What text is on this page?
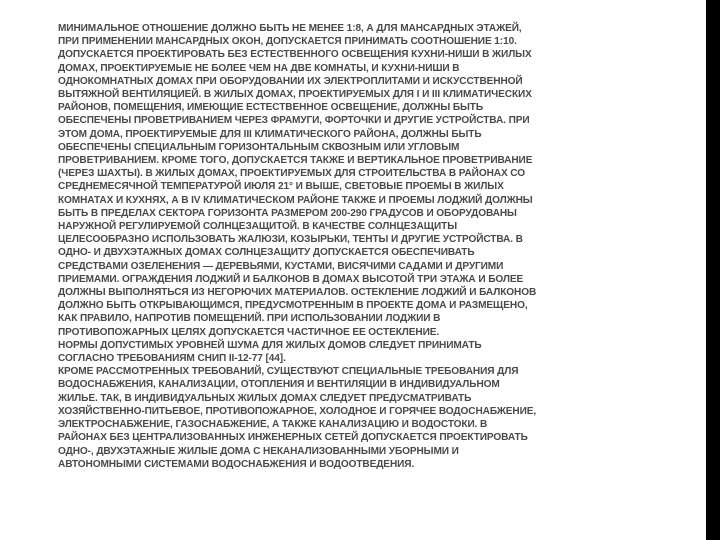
МИНИМАЛЬНОЕ ОТНОШЕНИЕ ДОЛЖНО БЫТЬ НЕ МЕНЕЕ 1:8, А ДЛЯ МАНСАРДНЫХ ЭТАЖЕЙ,
ПРИ ПРИМЕНЕНИИ МАНСАРДНЫХ ОКОН, ДОПУСКАЕТСЯ ПРИНИМАТЬ СООТНОШЕНИЕ 1:10.
ДОПУСКАЕТСЯ ПРОЕКТИРОВАТЬ БЕЗ ЕСТЕСТВЕННОГО ОСВЕЩЕНИЯ КУХНИ-НИШИ В ЖИЛЫХ
ДОМАХ, ПРОЕКТИРУЕМЫЕ НЕ БОЛЕЕ ЧЕМ НА ДВЕ КОМНАТЫ, И КУХНИ-НИШИ В
ОДНОКОМНАТНЫХ ДОМАХ ПРИ ОБОРУДОВАНИИ ИХ ЭЛЕКТРОПЛИТАМИ И ИСКУССТВЕННОЙ
ВЫТЯЖНОЙ ВЕНТИЛЯЦИЕЙ. В ЖИЛЫХ ДОМАХ, ПРОЕКТИРУЕМЫХ ДЛЯ I И III КЛИМАТИЧЕСКИХ
РАЙОНОВ, ПОМЕЩЕНИЯ, ИМЕЮЩИЕ ЕСТЕСТВЕННОЕ ОСВЕЩЕНИЕ, ДОЛЖНЫ БЫТЬ
ОБЕСПЕЧЕНЫ ПРОВЕТРИВАНИЕМ ЧЕРЕЗ ФРАМУГИ, ФОРТОЧКИ И ДРУГИЕ УСТРОЙСТВА. ПРИ
ЭТОМ ДОМА, ПРОЕКТИРУЕМЫЕ ДЛЯ III КЛИМАТИЧЕСКОГО РАЙОНА, ДОЛЖНЫ БЫТЬ
ОБЕСПЕЧЕНЫ СПЕЦИАЛЬНЫМ ГОРИЗОНТАЛЬНЫМ СКВОЗНЫМ ИЛИ УГЛОВЫМ
ПРОВЕТРИВАНИЕМ. КРОМЕ ТОГО, ДОПУСКАЕТСЯ ТАКЖЕ И ВЕРТИКАЛЬНОЕ ПРОВЕТРИВАНИЕ
(ЧЕРЕЗ ШАХТЫ). В ЖИЛЫХ ДОМАХ, ПРОЕКТИРУЕМЫХ ДЛЯ СТРОИТЕЛЬСТВА В РАЙОНАХ СО
СРЕДНЕМЕСЯЧНОЙ ТЕМПЕРАТУРОЙ ИЮЛЯ 21° И ВЫШЕ, СВЕТОВЫЕ ПРОЕМЫ В ЖИЛЫХ
КОМНАТАХ И КУХНЯХ, А В IV КЛИМАТИЧЕСКОМ РАЙОНЕ ТАКЖЕ И ПРОЕМЫ ЛОДЖИЙ ДОЛЖНЫ
БЫТЬ В ПРЕДЕЛАХ СЕКТОРА ГОРИЗОНТА РАЗМЕРОМ 200-290 ГРАДУСОВ И ОБОРУДОВАНЫ
НАРУЖНОЙ РЕГУЛИРУЕМОЙ СОЛНЦЕЗАЩИТОЙ. В КАЧЕСТВЕ СОЛНЦЕЗАЩИТЫ
ЦЕЛЕСООБРАЗНО ИСПОЛЬЗОВАТЬ ЖАЛЮЗИ, КОЗЫРЬКИ, ТЕНТЫ И ДРУГИЕ УСТРОЙСТВА. В
ОДНО- И ДВУХЭТАЖНЫХ ДОМАХ СОЛНЦЕЗАЩИТУ ДОПУСКАЕТСЯ ОБЕСПЕЧИВАТЬ
СРЕДСТВАМИ ОЗЕЛЕНЕНИЯ — ДЕРЕВЬЯМИ, КУСТАМИ, ВИСЯЧИМИ САДАМИ И ДРУГИМИ
ПРИЕМАМИ. ОГРАЖДЕНИЯ ЛОДЖИЙ И БАЛКОНОВ В ДОМАХ ВЫСОТОЙ ТРИ ЭТАЖА И БОЛЕЕ
ДОЛЖНЫ ВЫПОЛНЯТЬСЯ ИЗ НЕГОРЮЧИХ МАТЕРИАЛОВ. ОСТЕКЛЕНИЕ ЛОДЖИЙ И БАЛКОНОВ
ДОЛЖНО БЫТЬ ОТКРЫВАЮЩИМСЯ, ПРЕДУСМОТРЕННЫМ В ПРОЕКТЕ ДОМА И РАЗМЕЩЕНО,
КАК ПРАВИЛО, НАПРОТИВ ПОМЕЩЕНИЙ. ПРИ ИСПОЛЬЗОВАНИИ ЛОДЖИИ В
ПРОТИВОПОЖАРНЫХ ЦЕЛЯХ ДОПУСКАЕТСЯ ЧАСТИЧНОЕ ЕЕ ОСТЕКЛЕНИЕ.
НОРМЫ ДОПУСТИМЫХ УРОВНЕЙ ШУМА ДЛЯ ЖИЛЫХ ДОМОВ СЛЕДУЕТ ПРИНИМАТЬ
СОГЛАСНО ТРЕБОВАНИЯМ СНИП II-12-77 [44].
КРОМЕ РАССМОТРЕННЫХ ТРЕБОВАНИЙ, СУЩЕСТВУЮТ СПЕЦИАЛЬНЫЕ ТРЕБОВАНИЯ ДЛЯ
ВОДОСНАБЖЕНИЯ, КАНАЛИЗАЦИИ, ОТОПЛЕНИЯ И ВЕНТИЛЯЦИИ В ИНДИВИДУАЛЬНОМ
ЖИЛЬЕ. ТАК, В ИНДИВИДУАЛЬНЫХ ЖИЛЫХ ДОМАХ СЛЕДУЕТ ПРЕДУСМАТРИВАТЬ
ХОЗЯЙСТВЕННО-ПИТЬЕВОЕ, ПРОТИВОПОЖАРНОЕ, ХОЛОДНОЕ И ГОРЯЧЕЕ ВОДОСНАБЖЕНИЕ,
ЭЛЕКТРОСНАБЖЕНИЕ, ГАЗОСНАБЖЕНИЕ, А ТАКЖЕ КАНАЛИЗАЦИЮ И ВОДОСТОКИ. В
РАЙОНАХ БЕЗ ЦЕНТРАЛИЗОВАННЫХ ИНЖЕНЕРНЫХ СЕТЕЙ ДОПУСКАЕТСЯ ПРОЕКТИРОВАТЬ
ОДНО-, ДВУХЭТАЖНЫЕ ЖИЛЫЕ ДОМА С НЕКАНАЛИЗОВАННЫМИ УБОРНЫМИ И
АВТОНОМНЫМИ СИСТЕМАМИ ВОДОСНАБЖЕНИЯ И ВОДООТВЕДЕНИЯ.
